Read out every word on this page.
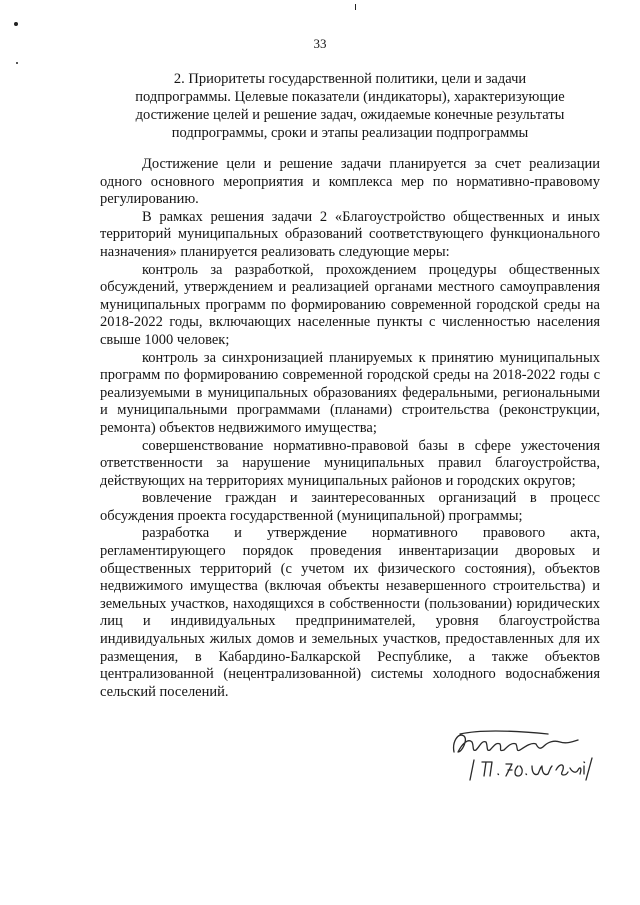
33
2. Приоритеты государственной политики, цели и задачи
подпрограммы. Целевые показатели (индикаторы), характеризующие
достижение целей и решение задач, ожидаемые конечные результаты
подпрограммы, сроки и этапы реализации подпрограммы

Достижение цели и решение задачи планируется за счет реализации одного основного мероприятия и комплекса мер по нормативно-правовому регулированию.

В рамках решения задачи 2 «Благоустройство общественных и иных территорий муниципальных образований соответствующего функционального назначения» планируется реализовать следующие меры:

контроль за разработкой, прохождением процедуры общественных обсуждений, утверждением и реализацией органами местного самоуправления муниципальных программ по формированию современной городской среды на 2018-2022 годы, включающих населенные пункты с численностью населения свыше 1000 человек;

контроль за синхронизацией планируемых к принятию муниципальных программ по формированию современной городской среды на 2018-2022 годы с реализуемыми в муниципальных образованиях федеральными, региональными и муниципальными программами (планами) строительства (реконструкции, ремонта) объектов недвижимого имущества;

совершенствование нормативно-правовой базы в сфере ужесточения ответственности за нарушение муниципальных правил благоустройства, действующих на территориях муниципальных районов и городских округов;

вовлечение граждан и заинтересованных организаций в процесс обсуждения проекта государственной (муниципальной) программы;

разработка и утверждение нормативного правового акта, регламентирующего порядок проведения инвентаризации дворовых и общественных территорий (с учетом их физического состояния), объектов недвижимого имущества (включая объекты незавершенного строительства) и земельных участков, находящихся в собственности (пользовании) юридических лиц и индивидуальных предпринимателей, уровня благоустройства индивидуальных жилых домов и земельных участков, предоставленных для их размещения, в Кабардино-Балкарской Республике, а также объектов централизованной (нецентрализованной) системы холодного водоснабжения сельский поселений.
